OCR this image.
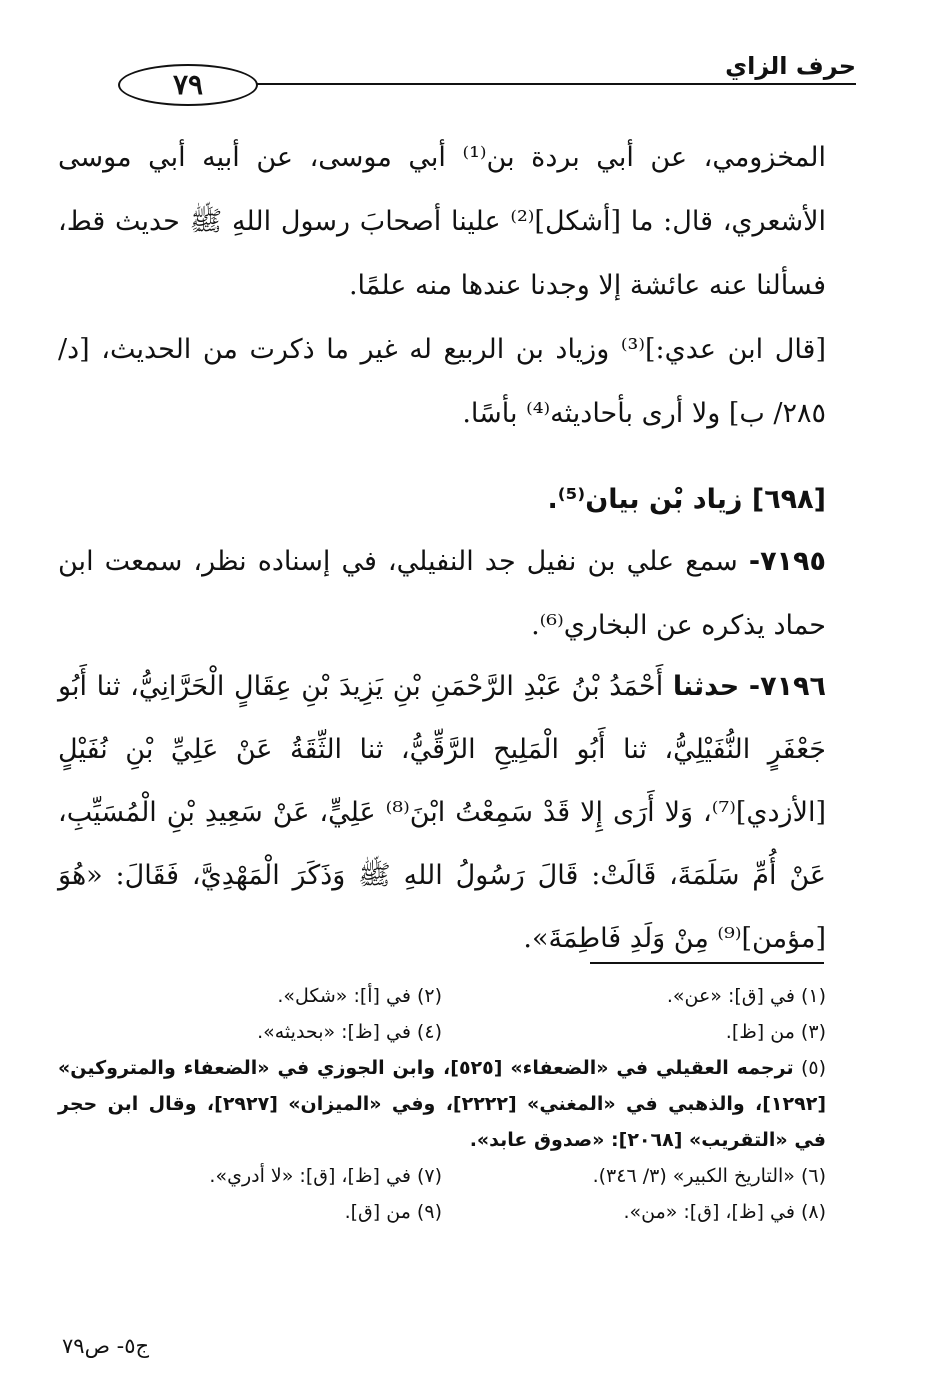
حرف الزاي
٧٩

المخزومي، عن أبي بردة بن⁽¹⁾ أبي موسى، عن أبيه أبي موسى الأشعري، قال: ما [أشكل]⁽²⁾ علينا أصحابَ رسول اللهِ ﷺ حديث قط، فسألنا عنه عائشة إلا وجدنا عندها منه علمًا.

[قال ابن عدي:]⁽³⁾ وزياد بن الربيع له غير ما ذكرت من الحديث، [د/ ٢٨٥/ ب] ولا أرى بأحاديثه⁽⁴⁾ بأسًا.

[٦٩٨] زياد بْن بيان⁽⁵⁾.

٧١٩٥- سمع علي بن نفيل جد النفيلي، في إسناده نظر، سمعت ابن حماد يذكره عن البخاري⁽⁶⁾.

٧١٩٦- حدثنا أَحْمَدُ بْنُ عَبْدِ الرَّحْمَنِ بْنِ يَزِيدَ بْنِ عِقَالٍ الْحَرَّانِيُّ، ثنا أَبُو جَعْفَرٍ النُّفَيْلِيُّ، ثنا أَبُو الْمَلِيحِ الرَّقِّيُّ، ثنا الثِّقَةُ عَنْ عَلِيِّ بْنِ نُفَيْلٍ [الأزدي]⁽⁷⁾، وَلا أَرَى إِلا قَدْ سَمِعْتُ ابْنَ⁽⁸⁾ عَلِيٍّ، عَنْ سَعِيدِ بْنِ الْمُسَيِّبِ، عَنْ أُمِّ سَلَمَةَ، قَالَتْ: قَالَ رَسُولُ اللهِ ﷺ وَذَكَرَ الْمَهْدِيَّ، فَقَالَ: «هُوَ [مؤمن]⁽⁹⁾ مِنْ وَلَدِ فَاطِمَةَ».

(١) في [ق]: «عن».
(٢) في [أ]: «شكل».
(٣) من [ظ].
(٤) في [ظ]: «بحديثه».
(٥) ترجمه العقيلي في «الضعفاء» [٥٢٥]، وابن الجوزي في «الضعفاء والمتروكين» [١٢٩٢]، والذهبي في «المغني» [٢٢٢٢]، وفي «الميزان» [٢٩٢٧]، وقال ابن حجر في «التقريب» [٢٠٦٨]: «صدوق عابد».
(٦) «التاريخ الكبير» (٣/ ٣٤٦).
(٧) في [ظ]، [ق]: «لا أدري».
(٨) في [ظ]، [ق]: «من».
(٩) من [ق].
ج٥- ص٧٩
